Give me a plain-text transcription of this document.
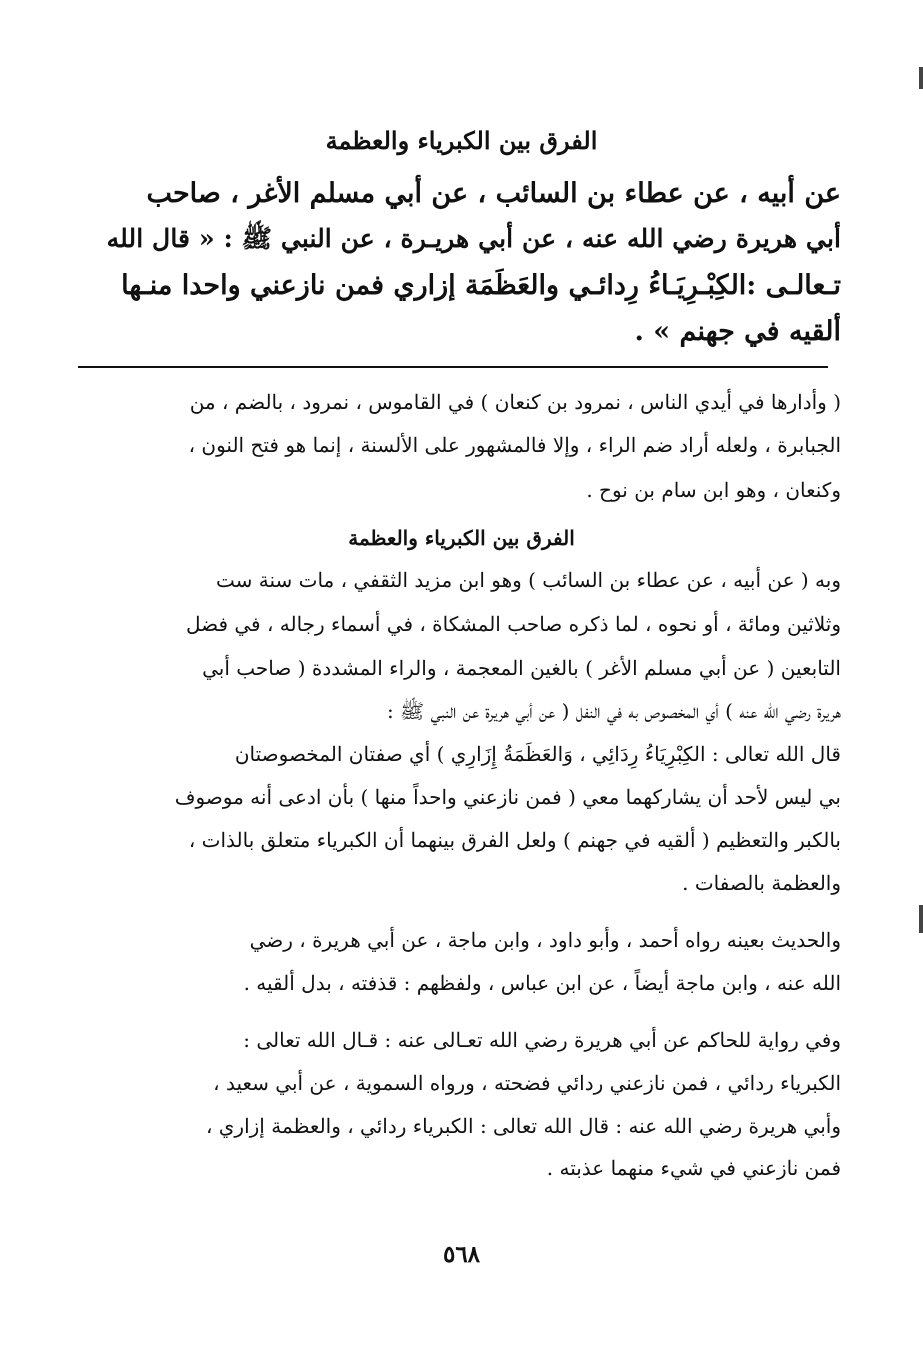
الفرق بين الكبرياء والعظمة
عن أبيه ، عن عطاء بن السائب ، عن أبي مسلم الأغر ، صاحب
أبي هريرة رضي الله عنه ، عن أبي هريـرة ، عن النبي ﷺ : « قال الله
تـعالـى :الكِبْـرِيَـاءُ رِدائـي والعَظَمَة إزاري فمن نازعني واحدا منـها
ألقيه في جهنم » .
( وأدارها في أيدي الناس ، نمرود بن كنعان ) في القاموس ، نمرود ، بالضم ، من
الجبابرة ، ولعله أراد ضم الراء ، وإلا فالمشهور على الألسنة ، إنما هو فتح النون ،
وكنعان ، وهو ابن سام بن نوح .
الفرق بين الكبرياء والعظمة
وبه ( عن أبيه ، عن عطاء بن السائب ) وهو ابن مزيد الثقفي ، مات سنة ست
وثلاثين ومائة ، أو نحوه ، لما ذكره صاحب المشكاة ، في أسماء رجاله ، في فضل
التابعين ( عن أبي مسلم الأغر ) بالغين المعجمة ، والراء المشددة ( صاحب أبي
هريرة رضي الله عنه ) أي المخصوص به في النفل ( عن أبي هريرة عن النبي ﷺ :
قال الله تعالى : الكِبْرِيَاءُ رِدَائِي ، وَالعَظَمَةُ إِزَارِي ) أي صفتان المخصوصتان
بي ليس لأحد أن يشاركهما معي ( فمن نازعني واحداً منها ) بأن ادعى أنه موصوف
بالكبر والتعظيم ( ألقيه في جهنم ) ولعل الفرق بينهما أن الكبرياء متعلق بالذات ،
والعظمة بالصفات .
والحديث بعينه رواه أحمد ، وأبو داود ، وابن ماجة ، عن أبي هريرة ، رضي
الله عنه ، وابن ماجة أيضاً ، عن ابن عباس ، ولفظهم : قذفته ، بدل ألقيه .
وفي رواية للحاكم عن أبي هريرة رضي الله تعـالى عنه : قـال الله تعالى :
الكبرياء ردائي ، فمن نازعني ردائي فضحته ، ورواه السموية ، عن أبي سعيد ،
وأبي هريرة رضي الله عنه : قال الله تعالى : الكبرياء ردائي ، والعظمة إزاري ،
فمن نازعني في شيء منهما عذبته .
٥٦٨
